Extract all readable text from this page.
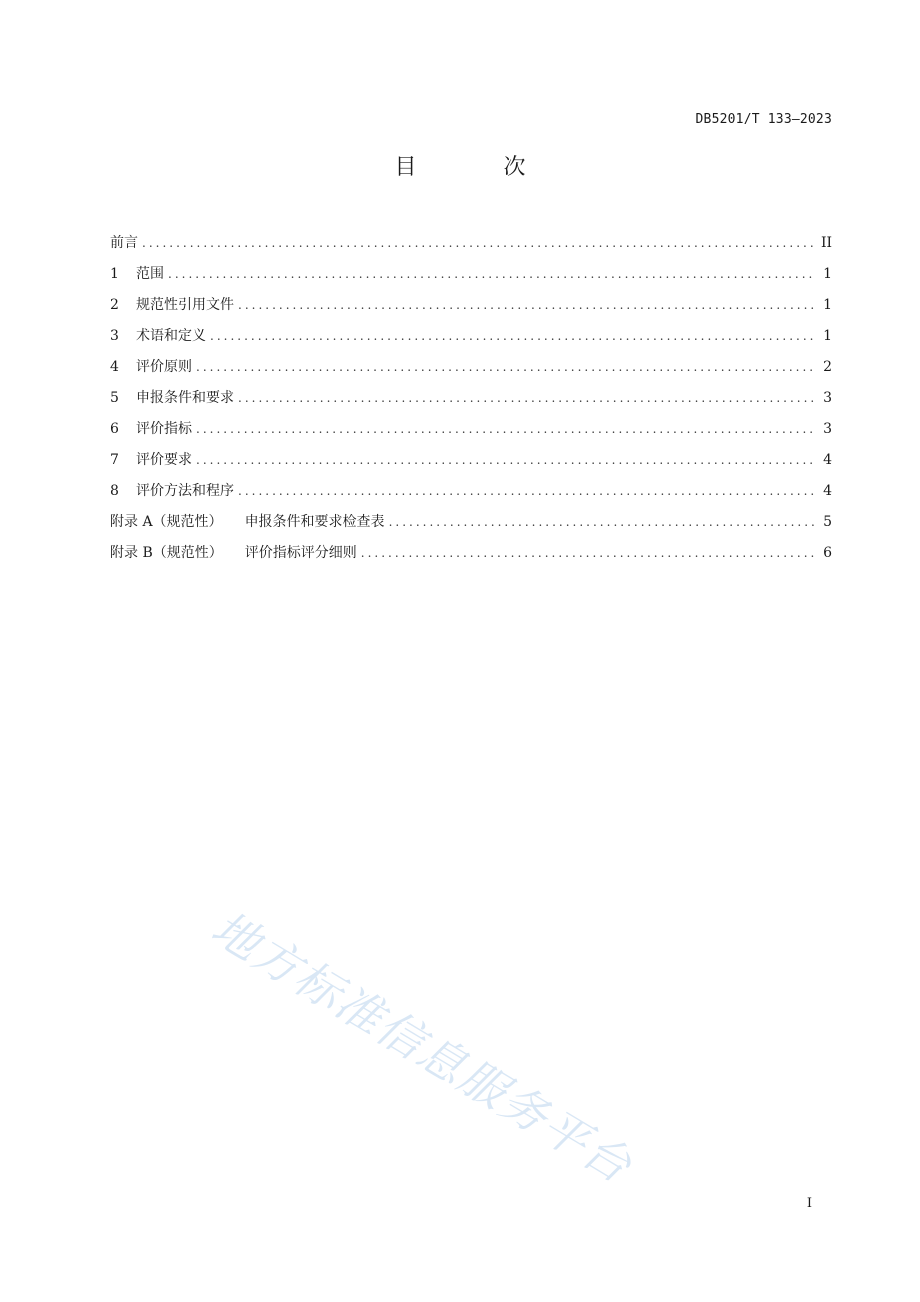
DB5201/T 133—2023
目 次
前言 .....	II
1	范围 .....	1
2	规范性引用文件 .....	1
3	术语和定义 .....	1
4	评价原则 .....	2
5	申报条件和要求 .....	3
6	评价指标 .....	3
7	评价要求 .....	4
8	评价方法和程序 .....	4
附录 A（规范性） 申报条件和要求检查表 .....	5
附录 B（规范性） 评价指标评分细则 .....	6
地方标准信息服务平台
I
